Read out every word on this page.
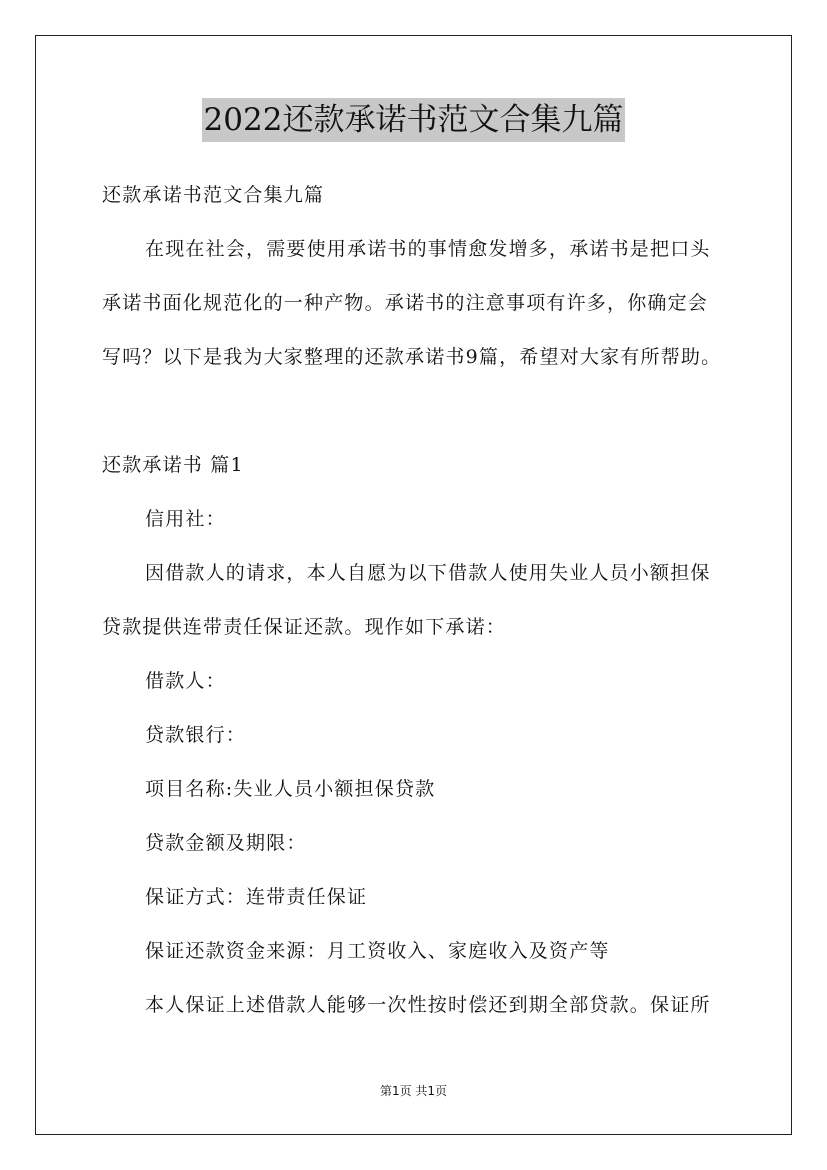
2022还款承诺书范文合集九篇
还款承诺书范文合集九篇
在现在社会，需要使用承诺书的事情愈发增多，承诺书是把口头
承诺书面化规范化的一种产物。承诺书的注意事项有许多，你确定会
写吗？以下是我为大家整理的还款承诺书9篇，希望对大家有所帮助。
还款承诺书 篇1
信用社：
因借款人的请求，本人自愿为以下借款人使用失业人员小额担保
贷款提供连带责任保证还款。现作如下承诺：
借款人：
贷款银行：
项目名称:失业人员小额担保贷款
贷款金额及期限：
保证方式：连带责任保证
保证还款资金来源：月工资收入、家庭收入及资产等
本人保证上述借款人能够一次性按时偿还到期全部贷款。保证所
第1页 共1页
